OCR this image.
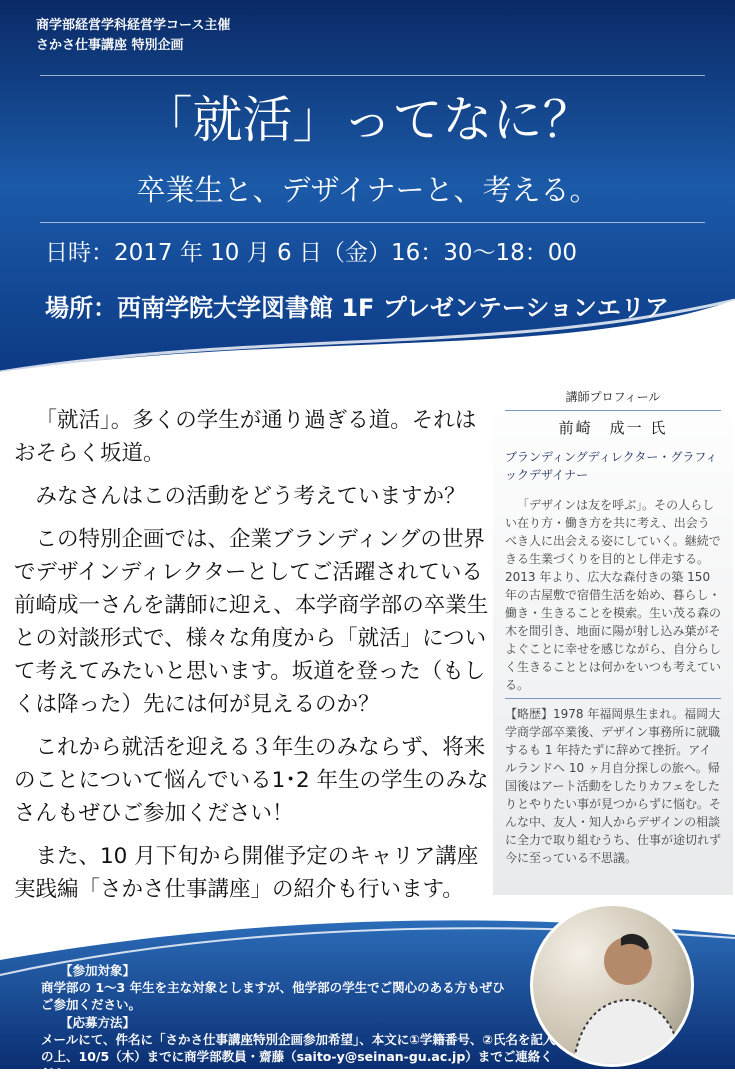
商学部経営学科経営学コース主催
さかさ仕事講座 特別企画
「就活」ってなに？
卒業生と、デザイナーと、考える。
日時：2017 年 10 月 6 日（金）16：30〜18：00
場所：西南学院大学図書館 1F プレゼンテーションエリア

「就活」。多くの学生が通り過ぎる道。それはおそらく坂道。

みなさんはこの活動をどう考えていますか？

この特別企画では、企業ブランディングの世界でデザインディレクターとしてご活躍されている前崎成一さんを講師に迎え、本学商学部の卒業生との対談形式で、様々な角度から「就活」について考えてみたいと思います。坂道を登った（もしくは降った）先には何が見えるのか？

これから就活を迎える３年生のみならず、将来のことについて悩んでいる1･2 年生の学生のみなさんもぜひご参加ください！

また、10 月下旬から開催予定のキャリア講座実践編「さかさ仕事講座」の紹介も行います。

講師プロフィール
前崎　成一 氏
ブランディングディレクター・グラフィックデザイナー

「デザインは友を呼ぶ」。その人らしい在り方・働き方を共に考え、出会うべき人に出会える姿にしていく。継続できる生業づくりを目的とし伴走する。2013 年より、広大な森付きの築 150 年の古屋敷で宿借生活を始め、暮らし・働き・生きることを模索。生い茂る森の木を間引き、地面に陽が射し込み葉がそよぐことに幸せを感じながら、自分らしく生きることとは何かをいつも考えている。

【略歴】1978 年福岡県生まれ。福岡大学商学部卒業後、デザイン事務所に就職するも 1 年持たずに辞めて挫折。アイルランドへ 10 ヶ月自分探しの旅へ。帰国後はアート活動をしたりカフェをしたりとやりたい事が見つからずに悩む。そんな中、友人・知人からデザインの相談に全力で取り組むうち、仕事が途切れず今に至っている不思議。

【参加対象】
商学部の 1〜3 年生を主な対象としますが、他学部の学生でご関心のある方もぜひご参加ください。
【応募方法】
メールにて、件名に「さかさ仕事講座特別企画参加希望」、本文に①学籍番号、②氏名を記入の上、10/5（木）までに商学部教員・齋藤（saito-y@seinan-gu.ac.jp）までご連絡ください。
